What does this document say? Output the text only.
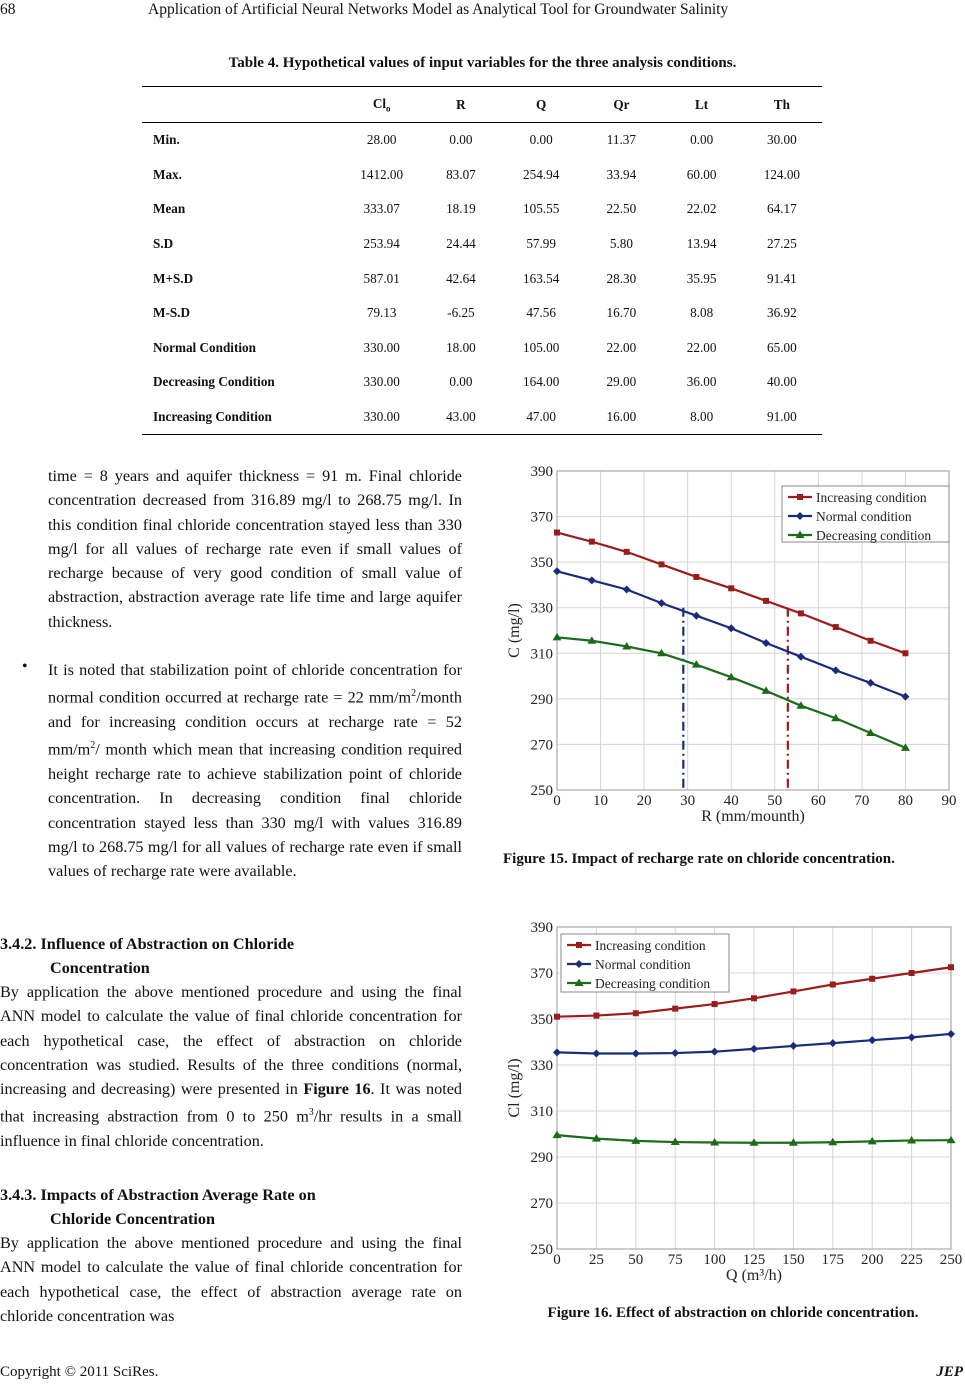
68	Application of Artificial Neural Networks Model as Analytical Tool for Groundwater Salinity
Table 4. Hypothetical values of input variables for the three analysis conditions.
	$Cl_o$	R	Q	Qr	Lt	Th
Min.	28.00	0.00	0.00	11.37	0.00	30.00
Max.	1412.00	83.07	254.94	33.94	60.00	124.00
Mean	333.07	18.19	105.55	22.50	22.02	64.17
S.D	253.94	24.44	57.99	5.80	13.94	27.25
M+S.D	587.01	42.64	163.54	28.30	35.95	91.41
M-S.D	79.13	-6.25	47.56	16.70	8.08	36.92
Normal Condition	330.00	18.00	105.00	22.00	22.00	65.00
Decreasing Condition	330.00	0.00	164.00	29.00	36.00	40.00
Increasing Condition	330.00	43.00	47.00	16.00	8.00	91.00

time = 8 years and aquifer thickness = 91 m. Final chloride concentration decreased from 316.89 mg/l to 268.75 mg/l. In this condition final chloride concentration stayed less than 330 mg/l for all values of recharge rate even if small values of recharge because of very good condition of small value of abstraction, abstraction average rate life time and large aquifer thickness.

• It is noted that stabilization point of chloride concentration for normal condition occurred at recharge rate = 22 $mm/m^2$/month and for increasing condition occurs at recharge rate = 52 $mm/m^2/$ month which mean that increasing condition required height recharge rate to achieve stabilization point of chloride concentration. In decreasing condition final chloride concentration stayed less than 330 mg/l with values 316.89 mg/l to 268.75 mg/l for all values of recharge rate even if small values of recharge rate were available.

3.4.2. Influence of Abstraction on Chloride
Concentration

By application the above mentioned procedure and using the final ANN model to calculate the value of final chloride concentration for each hypothetical case, the effect of abstraction on chloride concentration was studied. Results of the three conditions (normal, increasing and decreasing) were presented in Figure 16. It was noted that increasing abstraction from 0 to 250 $m^3/hr$ results in a small influence in final chloride concentration.

3.4.3. Impacts of Abstraction Average Rate on
Chloride Concentration

By application the above mentioned procedure and using the final ANN model to calculate the value of final chloride concentration for each hypothetical case, the effect of abstraction average rate on chloride concentration was

0 10 20 30 40 50 60 70 80 90
250
270
290
310
330
350
370
390
R (mm/mounth)
C (mg/l)
Increasing condition
Normal condition
Decreasing condition
Figure 15. Impact of recharge rate on chloride concentration.
0 25 50 75 100 125 150 175 200 225 250
250
270
290
310
330
350
370
390
Q (m³/h)
Cl (mg/l)
Increasing condition
Normal condition
Decreasing condition
Figure 16. Effect of abstraction on chloride concentration.
Copyright © 2011 SciRes.	JEP
